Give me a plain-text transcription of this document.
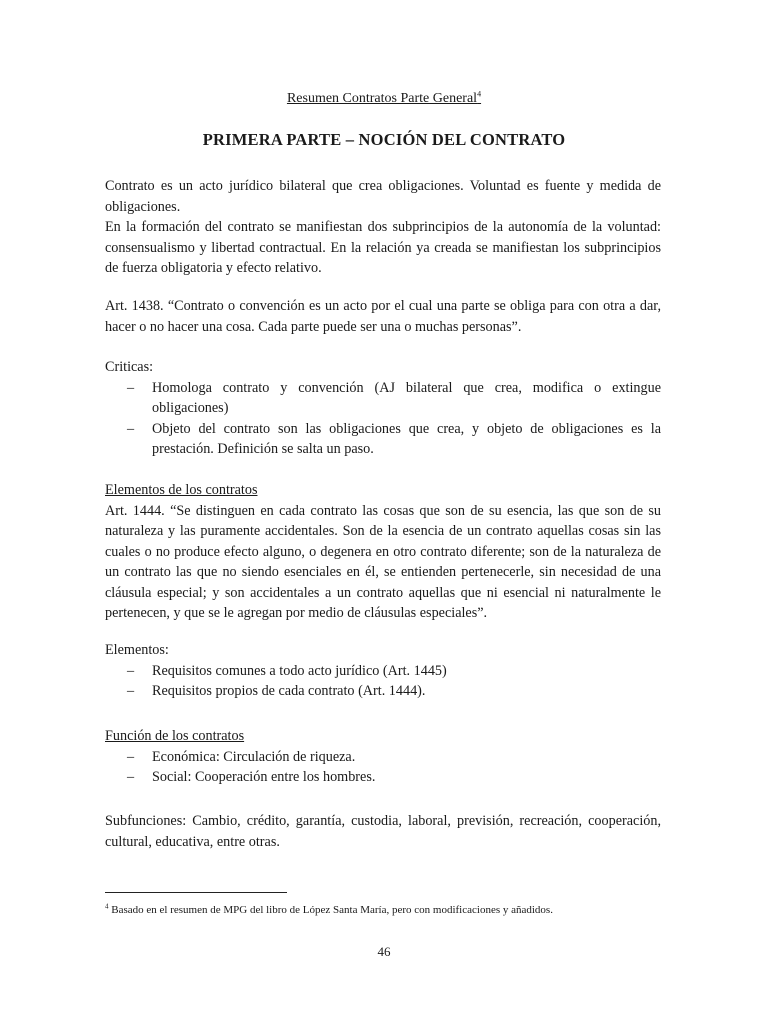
Resumen Contratos Parte General$^4$
PRIMERA PARTE – NOCIÓN DEL CONTRATO

Contrato es un acto jurídico bilateral que crea obligaciones. Voluntad es fuente y medida de obligaciones.

En la formación del contrato se manifiestan dos subprincipios de la autonomía de la voluntad: consensualismo y libertad contractual. En la relación ya creada se manifiestan los subprincipios de fuerza obligatoria y efecto relativo.

Art. 1438. “Contrato o convención es un acto por el cual una parte se obliga para con otra a dar, hacer o no hacer una cosa. Cada parte puede ser una o muchas personas”.

Criticas:

– Homologa contrato y convención (AJ bilateral que crea, modifica o extingue obligaciones)
– Objeto del contrato son las obligaciones que crea, y objeto de obligaciones es la prestación. Definición se salta un paso.

Elementos de los contratos

Art. 1444. “Se distinguen en cada contrato las cosas que son de su esencia, las que son de su naturaleza y las puramente accidentales. Son de la esencia de un contrato aquellas cosas sin las cuales o no produce efecto alguno, o degenera en otro contrato diferente; son de la naturaleza de un contrato las que no siendo esenciales en él, se entienden pertenecerle, sin necesidad de una cláusula especial; y son accidentales a un contrato aquellas que ni esencial ni naturalmente le pertenecen, y que se le agregan por medio de cláusulas especiales”.

Elementos:

– Requisitos comunes a todo acto jurídico (Art. 1445)
– Requisitos propios de cada contrato (Art. 1444).

Función de los contratos

– Económica: Circulación de riqueza.
– Social: Cooperación entre los hombres.

Subfunciones: Cambio, crédito, garantía, custodia, laboral, previsión, recreación, cooperación, cultural, educativa, entre otras.

$^4$ Basado en el resumen de MPG del libro de López Santa María, pero con modificaciones y añadidos.
46
